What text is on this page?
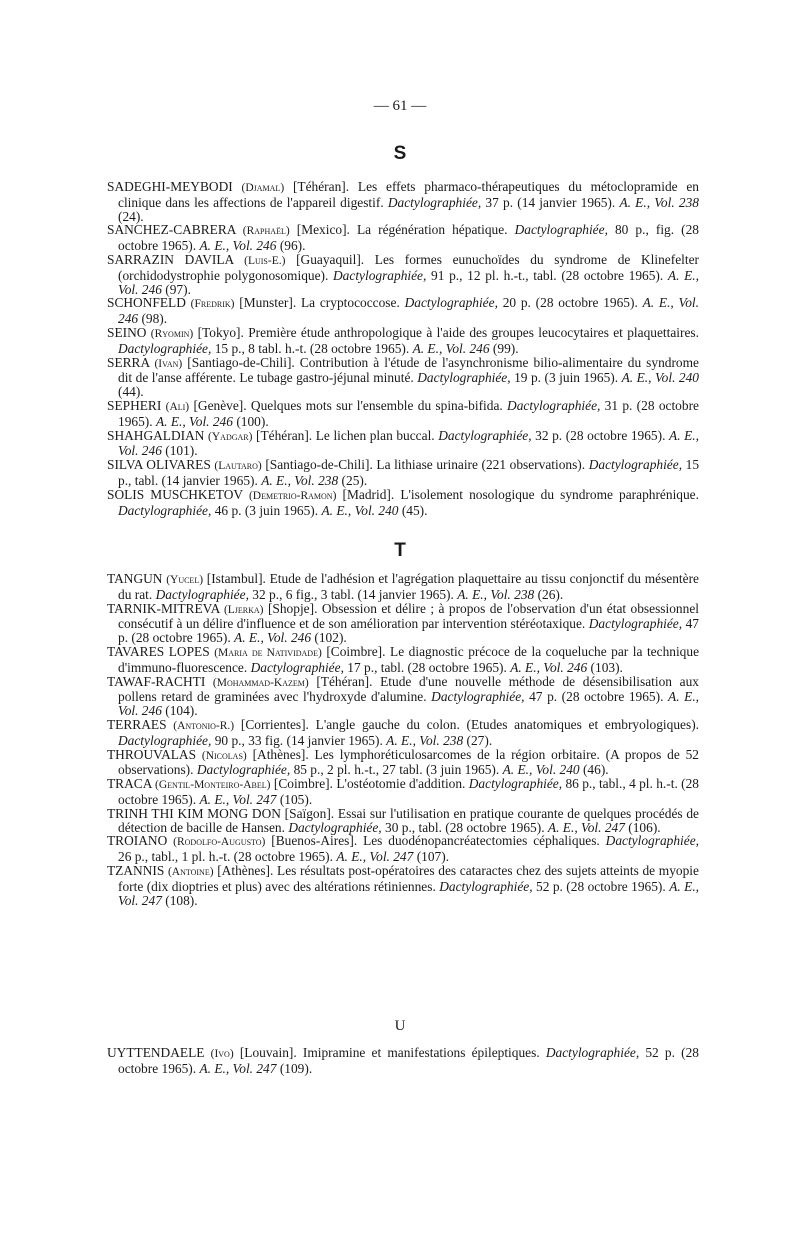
— 61 —
S

SADEGHI-MEYBODI (Djamal) [Téhéran]. Les effets pharmaco-thérapeutiques du métoclopramide en clinique dans les affections de l'appareil digestif. Dactylographiée, 37 p. (14 janvier 1965). A. E., Vol. 238 (24).

SANCHEZ-CABRERA (Raphaël) [Mexico]. La régénération hépatique. Dactylographiée, 80 p., fig. (28 octobre 1965). A. E., Vol. 246 (96).

SARRAZIN DAVILA (Luis-E.) [Guayaquil]. Les formes eunuchoïdes du syndrome de Klinefelter (orchidodystrophie polygonosomique). Dactylographiée, 91 p., 12 pl. h.-t., tabl. (28 octobre 1965). A. E., Vol. 246 (97).

SCHONFELD (Fredrik) [Munster]. La cryptococcose. Dactylographiée, 20 p. (28 octobre 1965). A. E., Vol. 246 (98).

SEINO (Ryomin) [Tokyo]. Première étude anthropologique à l'aide des groupes leucocytaires et plaquettaires. Dactylographiée, 15 p., 8 tabl. h.-t. (28 octobre 1965). A. E., Vol. 246 (99).

SERRA (Ivan) [Santiago-de-Chili]. Contribution à l'étude de l'asynchronisme bilio-alimentaire du syndrome dit de l'anse afférente. Le tubage gastro-jéjunal minuté. Dactylographiée, 19 p. (3 juin 1965). A. E., Vol. 240 (44).

SEPHERI (Ali) [Genève]. Quelques mots sur l'ensemble du spina-bifida. Dactylographiée, 31 p. (28 octobre 1965). A. E., Vol. 246 (100).

SHAHGALDIAN (Yadgar) [Téhéran]. Le lichen plan buccal. Dactylographiée, 32 p. (28 octobre 1965). A. E., Vol. 246 (101).

SILVA OLIVARES (Lautaro) [Santiago-de-Chili]. La lithiase urinaire (221 observations). Dactylographiée, 15 p., tabl. (14 janvier 1965). A. E., Vol. 238 (25).

SOLIS MUSCHKETOV (Demetrio-Ramon) [Madrid]. L'isolement nosologique du syndrome paraphrénique. Dactylographiée, 46 p. (3 juin 1965). A. E., Vol. 240 (45).

T

TANGUN (Yucel) [Istambul]. Etude de l'adhésion et l'agrégation plaquettaire au tissu conjonctif du mésentère du rat. Dactylographiée, 32 p., 6 fig., 3 tabl. (14 janvier 1965). A. E., Vol. 238 (26).

TARNIK-MITREVA (Ljerka) [Shopje]. Obsession et délire ; à propos de l'observation d'un état obsessionnel consécutif à un délire d'influence et de son amélioration par intervention stéréotaxique. Dactylographiée, 47 p. (28 octobre 1965). A. E., Vol. 246 (102).

TAVARES LOPES (Maria de Natividade) [Coimbre]. Le diagnostic précoce de la coqueluche par la technique d'immuno-fluorescence. Dactylographiée, 17 p., tabl. (28 octobre 1965). A. E., Vol. 246 (103).

TAWAF-RACHTI (Mohammad-Kazem) [Téhéran]. Etude d'une nouvelle méthode de désensibilisation aux pollens retard de graminées avec l'hydroxyde d'alumine. Dactylographiée, 47 p. (28 octobre 1965). A. E., Vol. 246 (104).

TERRAES (Antonio-R.) [Corrientes]. L'angle gauche du colon. (Etudes anatomiques et embryologiques). Dactylographiée, 90 p., 33 fig. (14 janvier 1965). A. E., Vol. 238 (27).

THROUVALAS (Nicolas) [Athènes]. Les lymphoréticulosarcomes de la région orbitaire. (A propos de 52 observations). Dactylographiée, 85 p., 2 pl. h.-t., 27 tabl. (3 juin 1965). A. E., Vol. 240 (46).

TRACA (Gentil-Monteiro-Abel) [Coimbre]. L'ostéotomie d'addition. Dactylographiée, 86 p., tabl., 4 pl. h.-t. (28 octobre 1965). A. E., Vol. 247 (105).

TRINH THI KIM MONG DON [Saïgon]. Essai sur l'utilisation en pratique courante de quelques procédés de détection de bacille de Hansen. Dactylographiée, 30 p., tabl. (28 octobre 1965). A. E., Vol. 247 (106).

TROIANO (Rodolfo-Augusto) [Buenos-Aires]. Les duodénopancréatectomies céphaliques. Dactylographiée, 26 p., tabl., 1 pl. h.-t. (28 octobre 1965). A. E., Vol. 247 (107).

TZANNIS (Antoine) [Athènes]. Les résultats post-opératoires des cataractes chez des sujets atteints de myopie forte (dix dioptries et plus) avec des altérations rétiniennes. Dactylographiée, 52 p. (28 octobre 1965). A. E., Vol. 247 (108).

U

UYTTENDAELE (Ivo) [Louvain]. Imipramine et manifestations épileptiques. Dactylographiée, 52 p. (28 octobre 1965). A. E., Vol. 247 (109).
